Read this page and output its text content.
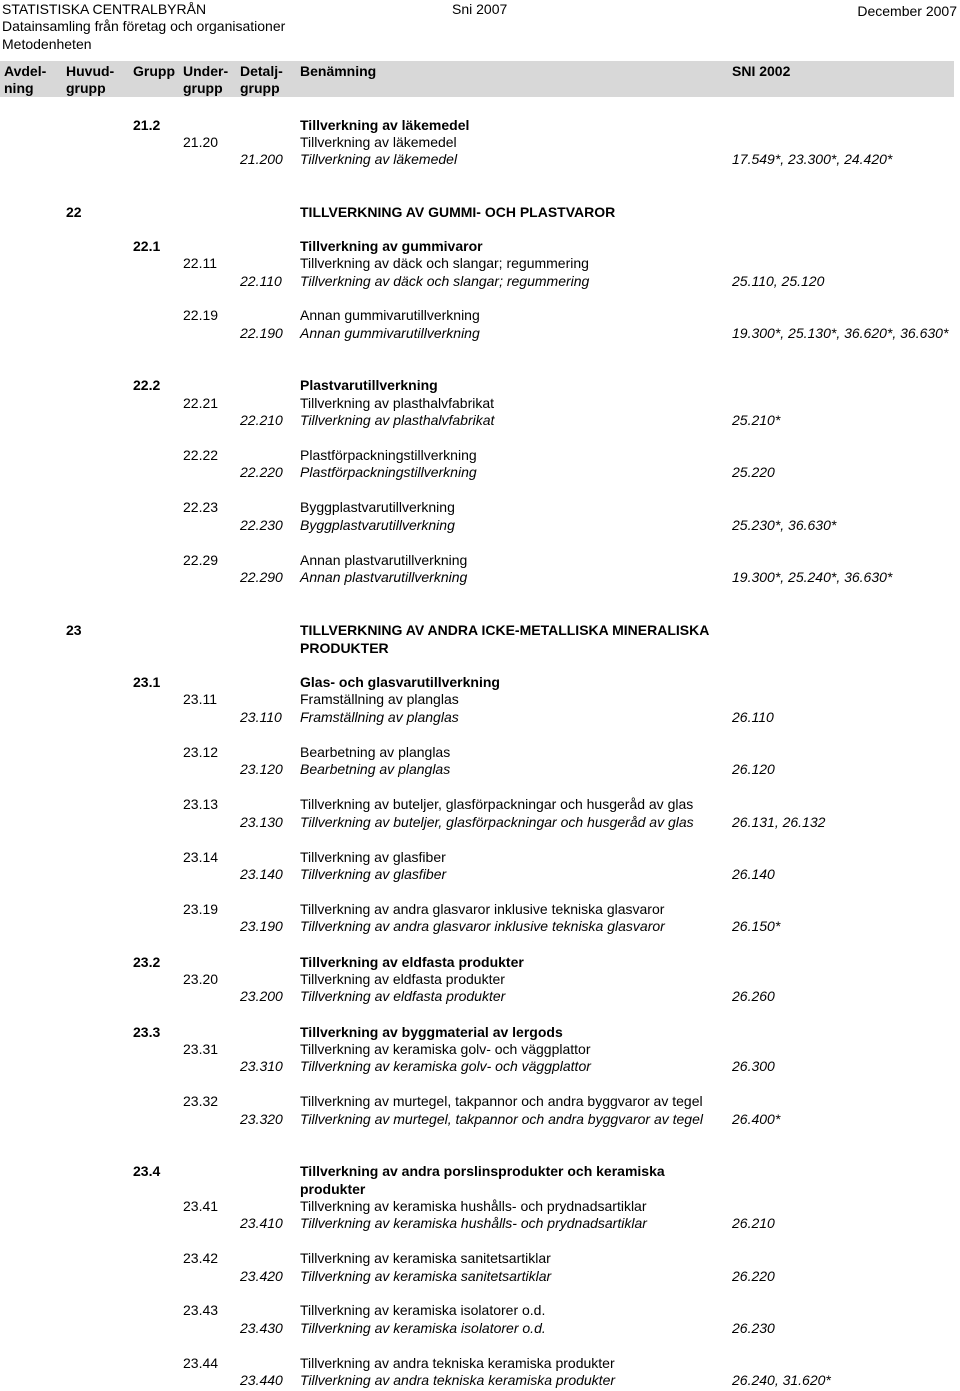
STATISTISKA CENTRALBYRÅN
Datainsamling från företag och organisationer
Metodenheten
Sni 2007	December 2007
Avdel-
ning
Huvud-
grupp
Grupp Under-
grupp
Detalj-
grupp
Benämning	SNI 2002
21.2	Tillverkning av läkemedel
21.20	Tillverkning av läkemedel
21.200 Tillverkning av läkemedel	17.549*, 23.300*, 24.420*
22	TILLVERKNING AV GUMMI- OCH PLASTVAROR
22.1	Tillverkning av gummivaror
22.11	Tillverkning av däck och slangar; regummering
22.110 Tillverkning av däck och slangar; regummering	25.110, 25.120
22.19	Annan gummivarutillverkning
22.190 Annan gummivarutillverkning	19.300*, 25.130*, 36.620*, 36.630*
22.2	Plastvarutillverkning
22.21	Tillverkning av plasthalvfabrikat
22.210 Tillverkning av plasthalvfabrikat	25.210*
22.22	Plastförpackningstillverkning
22.220 Plastförpackningstillverkning	25.220
22.23	Byggplastvarutillverkning
22.230 Byggplastvarutillverkning	25.230*, 36.630*
22.29	Annan plastvarutillverkning
22.290 Annan plastvarutillverkning	19.300*, 25.240*, 36.630*
23	TILLVERKNING AV ANDRA ICKE-METALLISKA MINERALISKA
PRODUKTER
23.1	Glas- och glasvarutillverkning
23.11	Framställning av planglas
23.110 Framställning av planglas	26.110
23.12	Bearbetning av planglas
23.120 Bearbetning av planglas	26.120
23.13	Tillverkning av buteljer, glasförpackningar och husgeråd av glas
23.130 Tillverkning av buteljer, glasförpackningar och husgeråd av glas	26.131, 26.132
23.14	Tillverkning av glasfiber
23.140 Tillverkning av glasfiber	26.140
23.19	Tillverkning av andra glasvaror inklusive tekniska glasvaror
23.190 Tillverkning av andra glasvaror inklusive tekniska glasvaror	26.150*
23.2	Tillverkning av eldfasta produkter
23.20	Tillverkning av eldfasta produkter
23.200 Tillverkning av eldfasta produkter	26.260
23.3	Tillverkning av byggmaterial av lergods
23.31	Tillverkning av keramiska golv- och väggplattor
23.310 Tillverkning av keramiska golv- och väggplattor	26.300
23.32	Tillverkning av murtegel, takpannor och andra byggvaror av tegel
23.320 Tillverkning av murtegel, takpannor och andra byggvaror av tegel 26.400*
23.4	Tillverkning av andra porslinsprodukter och keramiska
produkter
23.41	Tillverkning av keramiska hushålls- och prydnadsartiklar
23.410 Tillverkning av keramiska hushålls- och prydnadsartiklar	26.210
23.42	Tillverkning av keramiska sanitetsartiklar
23.420 Tillverkning av keramiska sanitetsartiklar	26.220
23.43	Tillverkning av keramiska isolatorer o.d.
23.430 Tillverkning av keramiska isolatorer o.d.	26.230
23.44	Tillverkning av andra tekniska keramiska produkter
23.440 Tillverkning av andra tekniska keramiska produkter	26.240, 31.620*
